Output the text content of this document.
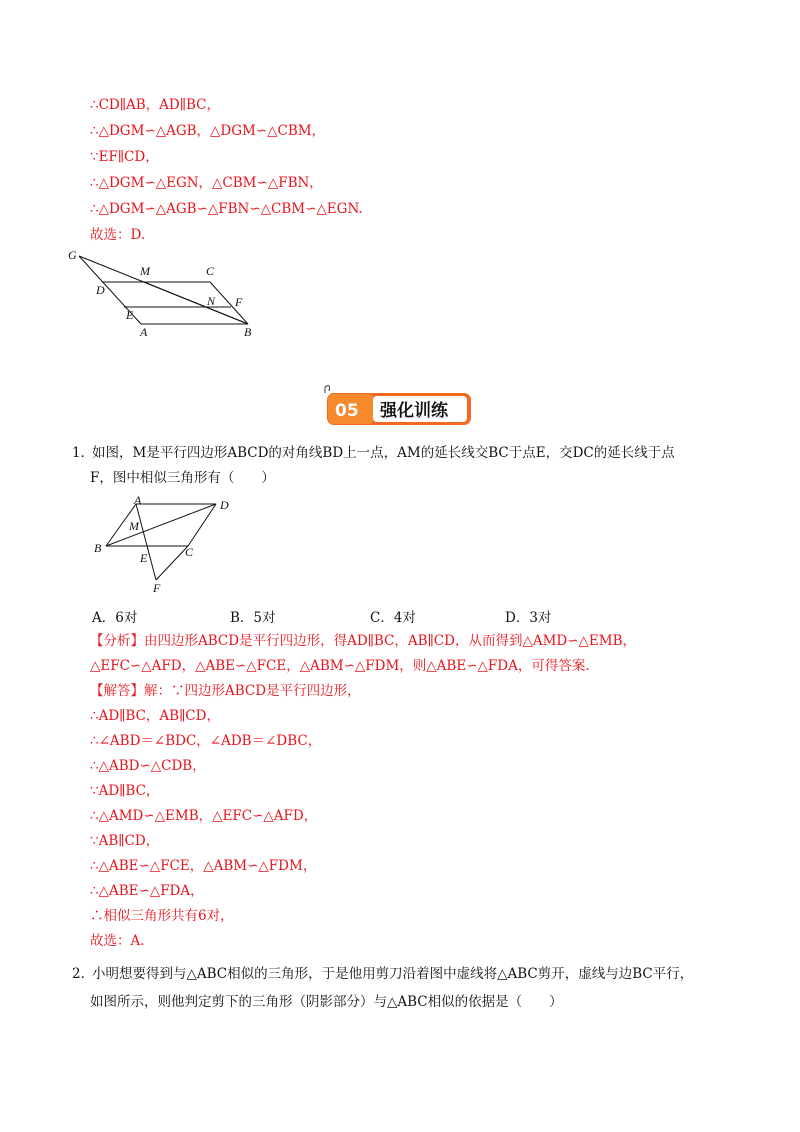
∴CD∥AB，AD∥BC，
∴△DGM∽△AGB，△DGM∽△CBM，
∵EF∥CD，
∴△DGM∽△EGN，△CBM∽△FBN，
∴△DGM∽△AGB∽△FBN∽△CBM∽△EGN.
故选：D.
G
M	C
D
N F
E
A	B
05 强化训练
1．
如图，M是平行四边形ABCD的对角线BD上一点，AM的延长线交BC于点E，交DC的延长线于点
F，图中相似三角形有（　　）
A	D
M
B
E	C
F
A．6对	B．5对	C．4对	D．3对
【分析】由四边形ABCD是平行四边形，得AD∥BC，AB∥CD，从而得到△AMD∽△EMB，
△EFC∽△AFD，△ABE∽△FCE，△ABM∽△FDM，则△ABE∽△FDA，可得答案.
【解答】解：∵四边形ABCD是平行四边形，
∴AD∥BC，AB∥CD，
∴∠ABD＝∠BDC，∠ADB＝∠DBC，
∴△ABD∽△CDB，
∵AD∥BC，
∴△AMD∽△EMB，△EFC∽△AFD，
∵AB∥CD，
∴△ABE∽△FCE，△ABM∽△FDM，
∴△ABE∽△FDA，
∴相似三角形共有6对，
故选：A.
2．
小明想要得到与△ABC相似的三角形，于是他用剪刀沿着图中虚线将△ABC剪开，虚线与边BC平行，
如图所示，则他判定剪下的三角形（阴影部分）与△ABC相似的依据是（　　）
